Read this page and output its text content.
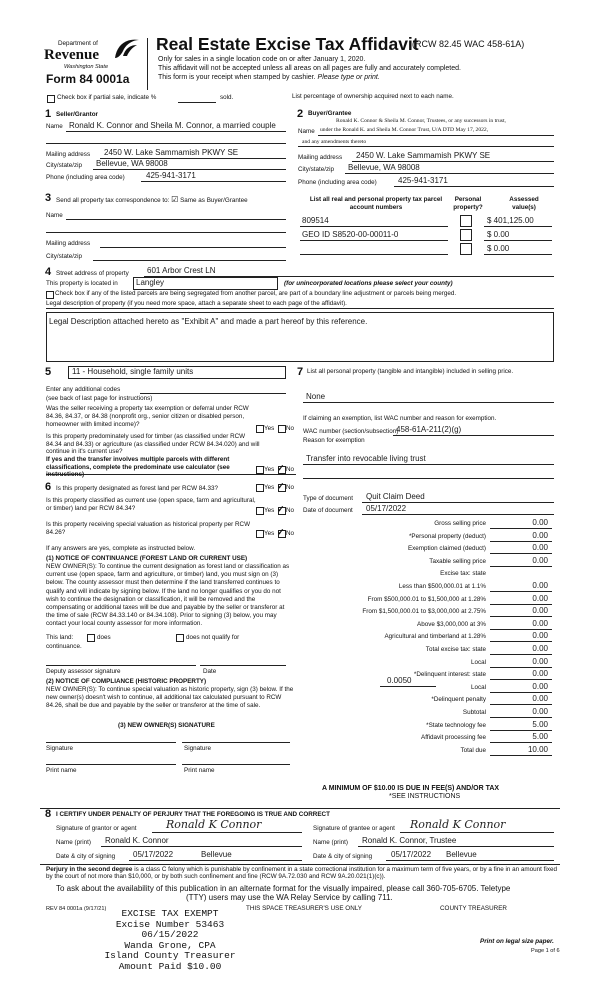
Department of
Revenue
Washington State
Form 84 0001a
Real Estate Excise Tax Affidavit
(RCW 82.45 WAC 458-61A)
Only for sales in a single location code on or after January 1, 2020.
This affidavit will not be accepted unless all areas on all pages are fully and accurately completed.
This form is your receipt when stamped by cashier. Please type or print.
Check box if partial sale, indicate %	sold.	List percentage of ownership acquired next to each name.
1 Seller/Grantor
Name Ronald K. Connor and Sheila M. Connor, a married couple
Mailing address 2450 W. Lake Sammamish PKWY SE
City/state/zip Bellevue, WA 98008
Phone (including area code)	425-941-3171
2 Buyer/Grantee
Ronald K. Connor & Sheila M. Connor, Trustees, or any successors in trust,
Name under the Ronald K. and Sheila M. Connor Trust, U/A DTD May 17, 2022,
and any amendments thereto
Mailing address 2450 W. Lake Sammamish PKWY SE
City/state/zip Bellevue, WA 98008
Phone (including area code)	425-941-3171
3 Send all property tax correspondence to: ☑ Same as Buyer/Grantee
Name
Mailing address
City/state/zip
List all real and personal property tax parcel account numbers
Personal property?
Assessed value(s)
809514	$ 401,125.00
GEO ID S8520-00-00011-0	$ 0.00
$ 0.00
4 Street address of property 601 Arbor Crest LN
This property is located in Langley	(for unincorporated locations please select your county)
Check box if any of the listed parcels are being segregated from another parcel, are part of a boundary line adjustment or parcels being merged.
Legal description of property (if you need more space, attach a separate sheet to each page of the affidavit).
Legal Description attached hereto as "Exhibit A" and made a part hereof by this reference.
5	11 - Household, single family units
Enter any additional codes
(see back of last page for instructions)
Was the seller receiving a property tax exemption or deferral under RCW 84.36, 84.37, or 84.38 (nonprofit org., senior citizen or disabled person, homeowner with limited income)?
Yes No
Is this property predominately used for timber (as classified under RCW 84.34 and 84.33) or agriculture (as classified under RCW 84.34.020) and will continue in it's current use?
If yes and the transfer involves multiple parcels with different classifications, complete the predominate use calculator (see instructions)
Yes ✓ No
6 Is this property designated as forest land per RCW 84.33?	Yes ✓ No
Is this property classified as current use (open space, farm and agricultural, or timber) land per RCW 84.34?	Yes ✓ No
Is this property receiving special valuation as historical property per RCW 84.26?	Yes ✓ No
If any answers are yes, complete as instructed below.
(1) NOTICE OF CONTINUANCE (FOREST LAND OR CURRENT USE)
NEW OWNER(S): To continue the current designation as forest land or classification as current use (open space, farm and agriculture, or timber) land, you must sign on (3) below. The county assessor must then determine if the land transferred continues to qualify and will indicate by signing below. If the land no longer qualifies or you do not wish to continue the designation or classification, it will be removed and the compensating or additional taxes will be due and payable by the seller or transferor at the time of sale (RCW 84.33.140 or 84.34.108). Prior to signing (3) below, you may contact your local county assessor for more information.
This land:	does	does not qualify for
continuance.
Deputy assessor signature	Date
(2) NOTICE OF COMPLIANCE (HISTORIC PROPERTY)
NEW OWNER(S): To continue special valuation as historic property, sign (3) below. If the new owner(s) doesn't wish to continue, all additional tax calculated pursuant to RCW 84.26, shall be due and payable by the seller or transferor at the time of sale.
(3) NEW OWNER(S) SIGNATURE
Signature	Signature
Print name	Print name
7 List all personal property (tangible and intangible) included in selling price.
None
If claiming an exemption, list WAC number and reason for exemption.
WAC number (section/subsection)
458-61A-211(2)(g)
Reason for exemption
Transfer into revocable living trust
Type of document Quit Claim Deed
Date of document 05/17/2022
Gross selling price	0.00
*Personal property (deduct)	0.00
Exemption claimed (deduct)	0.00
Taxable selling price	0.00
Excise tax: state
Less than $500,000.01 at 1.1%	0.00
From $500,000.01 to $1,500,000 at 1.28%	0.00
From $1,500,000.01 to $3,000,000 at 2.75%	0.00
Above $3,000,000 at 3%	0.00
Agricultural and timberland at 1.28%	0.00
Total excise tax: state	0.00
Local	0.00
*Delinquent interest: state	0.00
Local	0.00
*Delinquent penalty	0.00
Subtotal	0.00
*State technology fee	5.00
Affidavit processing fee	5.00
Total due	10.00
0.0050
A MINIMUM OF $10.00 IS DUE IN FEE(S) AND/OR TAX
*SEE INSTRUCTIONS
8 I CERTIFY UNDER PENALTY OF PERJURY THAT THE FOREGOING IS TRUE AND CORRECT
Signature of grantor or agent	Ronald K Connor	Signature of grantee or agent Ronald K Connor
Name (print) Ronald K. Connor	Name (print) Ronald K. Connor, Trustee
Date & city of signing 05/17/2022	Bellevue	Date & city of signing 05/17/2022 Bellevue
Perjury in the second degree is a class C felony which is punishable by confinement in a state correctional institution for a maximum term of five years, or by a fine in an amount fixed by the court of not more than $10,000, or by both such confinement and fine (RCW 9A.72.030 and RCW 9A.20.021(1)(c)).
To ask about the availability of this publication in an alternate format for the visually impaired, please call 360-705-6705. Teletype
(TTY) users may use the WA Relay Service by calling 711.
REV 84 0001a (9/17/21)	THIS SPACE TREASURER'S USE ONLY	COUNTY TREASURER
EXCISE TAX EXEMPT
Excise Number 53463
06/15/2022
Wanda Grone, CPA
Island County Treasurer
Amount Paid $10.00
Print on legal size paper.
Page 1 of 6
